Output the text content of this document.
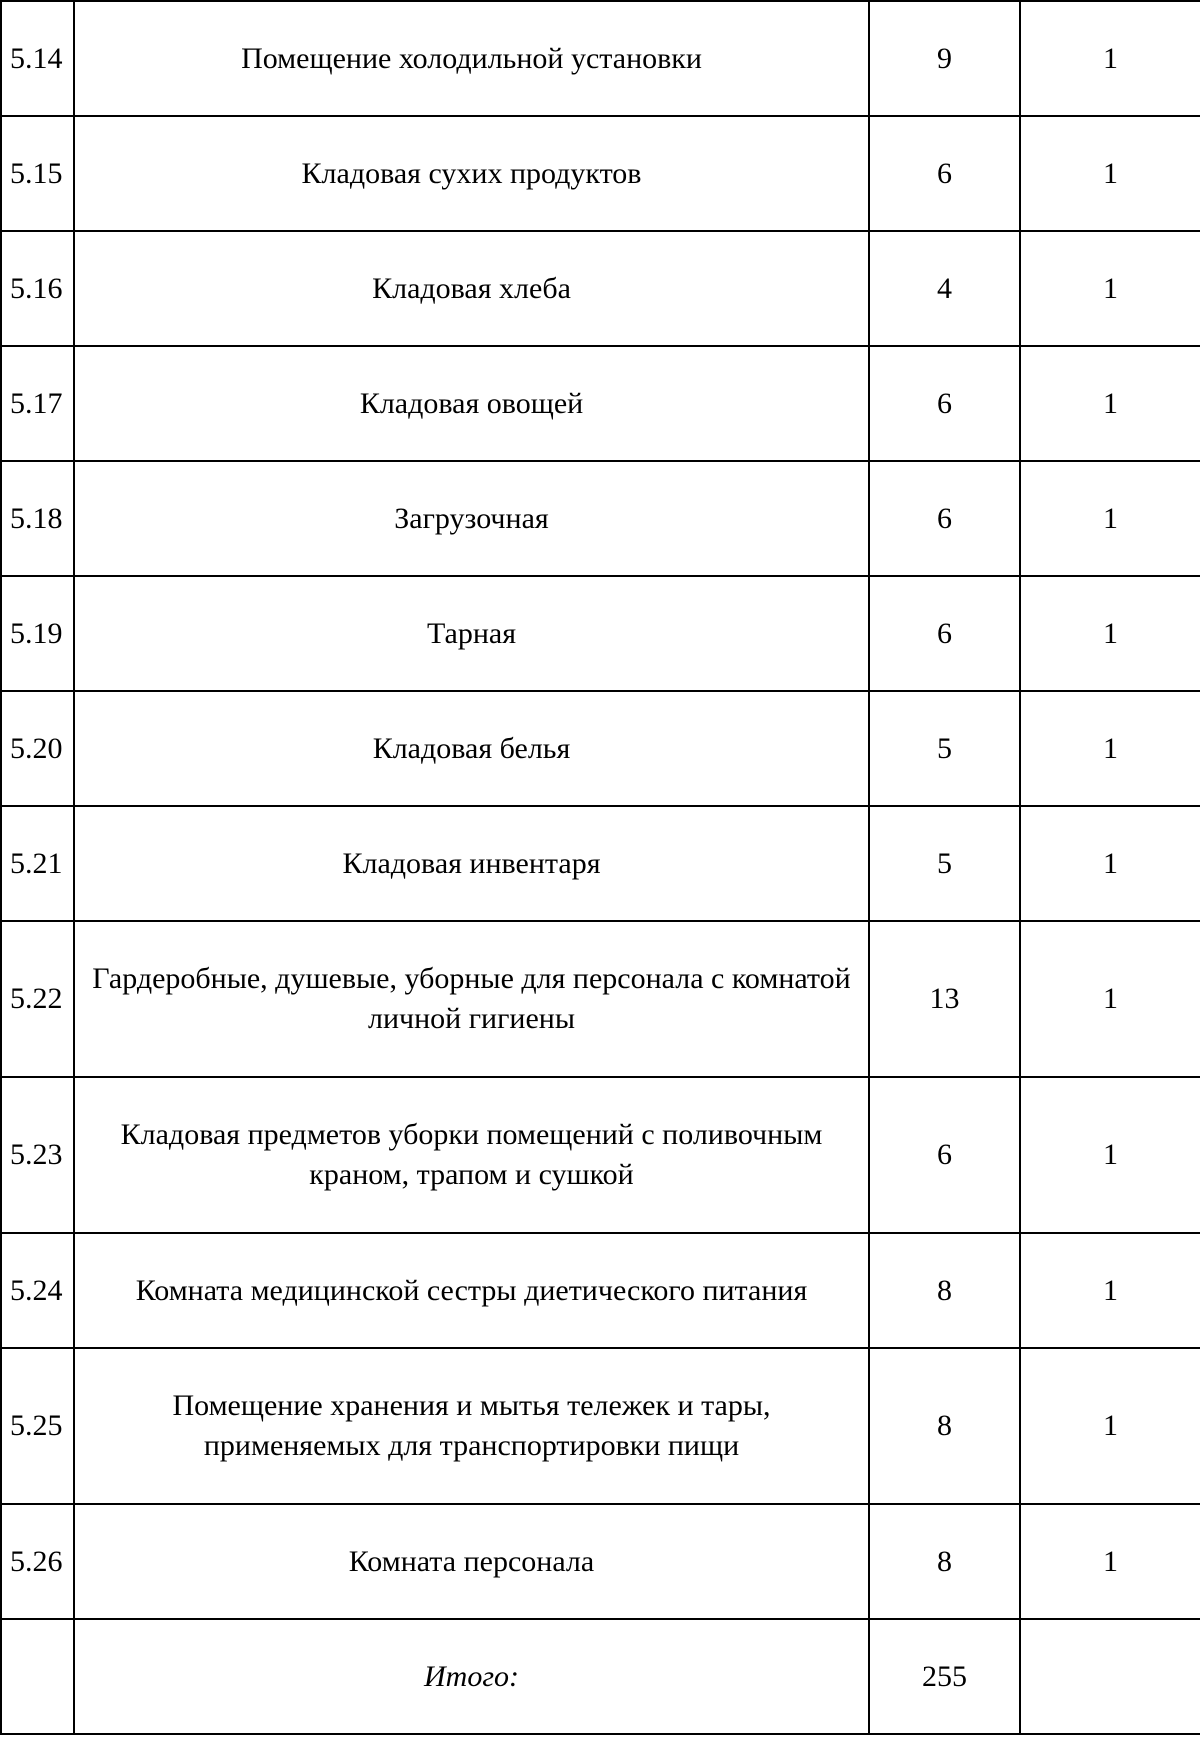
5.14	Помещение холодильной установки	9	1
5.15	Кладовая сухих продуктов	6	1
5.16	Кладовая хлеба	4	1
5.17	Кладовая овощей	6	1
5.18	Загрузочная	6	1
5.19	Тарная	6	1
5.20	Кладовая белья	5	1
5.21	Кладовая инвентаря	5	1
5.22	Гардеробные, душевые, уборные для персонала с комнатой личной гигиены	13	1
5.23	Кладовая предметов уборки помещений с поливочным краном, трапом и сушкой	6	1
5.24	Комната медицинской сестры диетического питания	8	1
5.25	Помещение хранения и мытья тележек и тары, применяемых для транспортировки пищи	8	1
5.26	Комната персонала	8	1
	Итого:	255	
